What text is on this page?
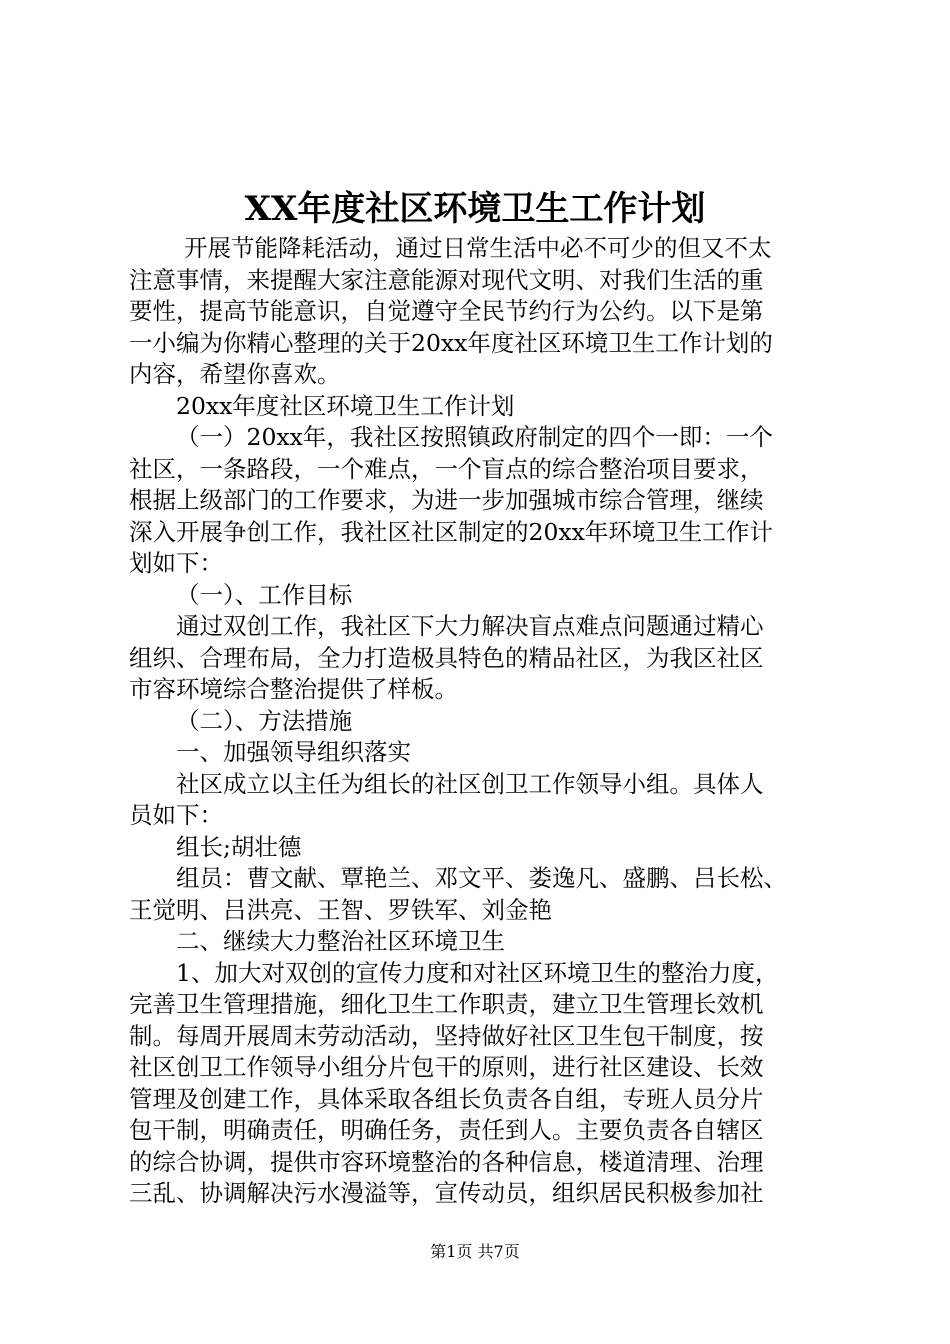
XX年度社区环境卫生工作计划
开展节能降耗活动，通过日常生活中必不可少的但又不太
注意事情，来提醒大家注意能源对现代文明、对我们生活的重
要性，提高节能意识，自觉遵守全民节约行为公约。以下是第
一小编为你精心整理的关于20xx年度社区环境卫生工作计划的
内容，希望你喜欢。
20xx年度社区环境卫生工作计划
（一）20xx年，我社区按照镇政府制定的四个一即：一个
社区，一条路段，一个难点，一个盲点的综合整治项目要求，
根据上级部门的工作要求，为进一步加强城市综合管理，继续
深入开展争创工作，我社区社区制定的20xx年环境卫生工作计
划如下：
（一）、工作目标
通过双创工作，我社区下大力解决盲点难点问题通过精心
组织、合理布局，全力打造极具特色的精品社区，为我区社区
市容环境综合整治提供了样板。
（二）、方法措施
一、加强领导组织落实
社区成立以主任为组长的社区创卫工作领导小组。具体人
员如下：
组长;胡壮德
组员：曹文献、覃艳兰、邓文平、娄逸凡、盛鹏、吕长松、
王觉明、吕洪亮、王智、罗铁军、刘金艳
二、继续大力整治社区环境卫生
1、加大对双创的宣传力度和对社区环境卫生的整治力度，
完善卫生管理措施，细化卫生工作职责，建立卫生管理长效机
制。每周开展周末劳动活动，坚持做好社区卫生包干制度，按
社区创卫工作领导小组分片包干的原则，进行社区建设、长效
管理及创建工作，具体采取各组长负责各自组，专班人员分片
包干制，明确责任，明确任务，责任到人。主要负责各自辖区
的综合协调，提供市容环境整治的各种信息，楼道清理、治理
三乱、协调解决污水漫溢等，宣传动员，组织居民积极参加社
第1页 共7页
